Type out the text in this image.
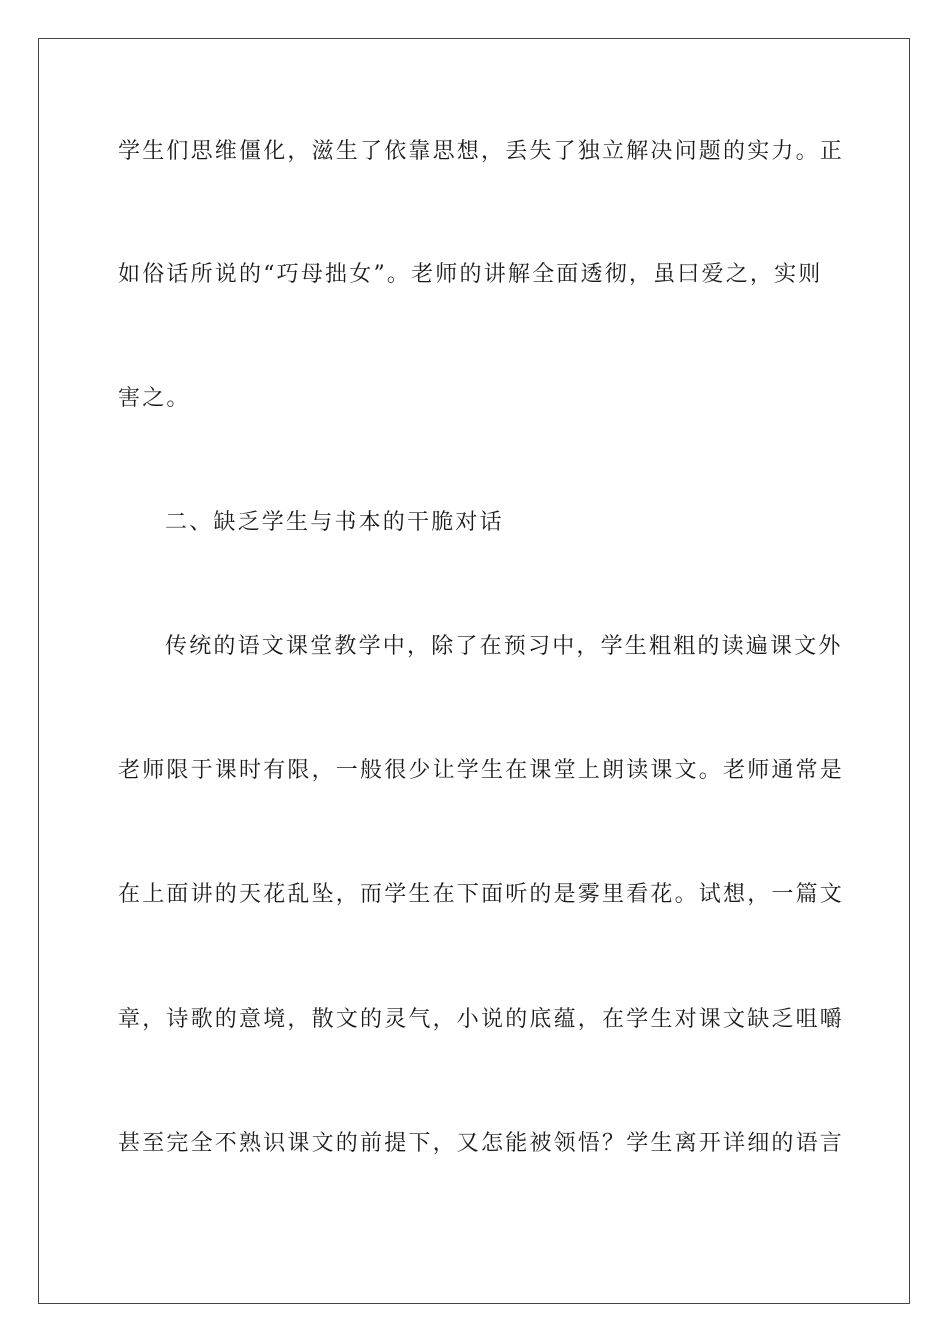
学生们思维僵化，滋生了依靠思想，丢失了独立解决问题的实力。正
如俗话所说的“巧母拙女”。老师的讲解全面透彻，虽曰爱之，实则
害之。
二、缺乏学生与书本的干脆对话
传统的语文课堂教学中，除了在预习中，学生粗粗的读遍课文外
老师限于课时有限，一般很少让学生在课堂上朗读课文。老师通常是
在上面讲的天花乱坠，而学生在下面听的是雾里看花。试想，一篇文
章，诗歌的意境，散文的灵气，小说的底蕴，在学生对课文缺乏咀嚼
甚至完全不熟识课文的前提下，又怎能被领悟？学生离开详细的语言
